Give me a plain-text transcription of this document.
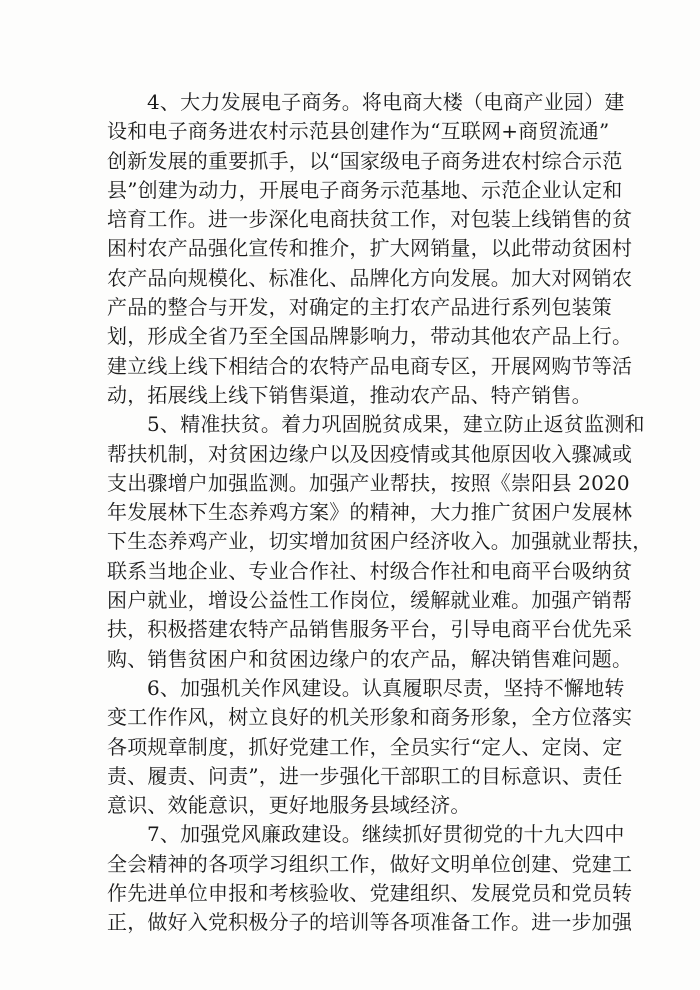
4、大力发展电子商务。将电商大楼（电商产业园）建
设和电子商务进农村示范县创建作为“互联网+商贸流通”
创新发展的重要抓手，以“国家级电子商务进农村综合示范
县”创建为动力，开展电子商务示范基地、示范企业认定和
培育工作。进一步深化电商扶贫工作，对包装上线销售的贫
困村农产品强化宣传和推介，扩大网销量，以此带动贫困村
农产品向规模化、标准化、品牌化方向发展。加大对网销农
产品的整合与开发，对确定的主打农产品进行系列包装策
划，形成全省乃至全国品牌影响力，带动其他农产品上行。
建立线上线下相结合的农特产品电商专区，开展网购节等活
动，拓展线上线下销售渠道，推动农产品、特产销售。
5、精准扶贫。着力巩固脱贫成果，建立防止返贫监测和
帮扶机制，对贫困边缘户以及因疫情或其他原因收入骤减或
支出骤增户加强监测。加强产业帮扶，按照《崇阳县 2020
年发展林下生态养鸡方案》的精神，大力推广贫困户发展林
下生态养鸡产业，切实增加贫困户经济收入。加强就业帮扶，
联系当地企业、专业合作社、村级合作社和电商平台吸纳贫
困户就业，增设公益性工作岗位，缓解就业难。加强产销帮
扶，积极搭建农特产品销售服务平台，引导电商平台优先采
购、销售贫困户和贫困边缘户的农产品，解决销售难问题。
6、加强机关作风建设。认真履职尽责，坚持不懈地转
变工作作风，树立良好的机关形象和商务形象，全方位落实
各项规章制度，抓好党建工作，全员实行“定人、定岗、定
责、履责、问责”，进一步强化干部职工的目标意识、责任
意识、效能意识，更好地服务县域经济。
7、加强党风廉政建设。继续抓好贯彻党的十九大四中
全会精神的各项学习组织工作，做好文明单位创建、党建工
作先进单位申报和考核验收、党建组织、发展党员和党员转
正，做好入党积极分子的培训等各项准备工作。进一步加强
